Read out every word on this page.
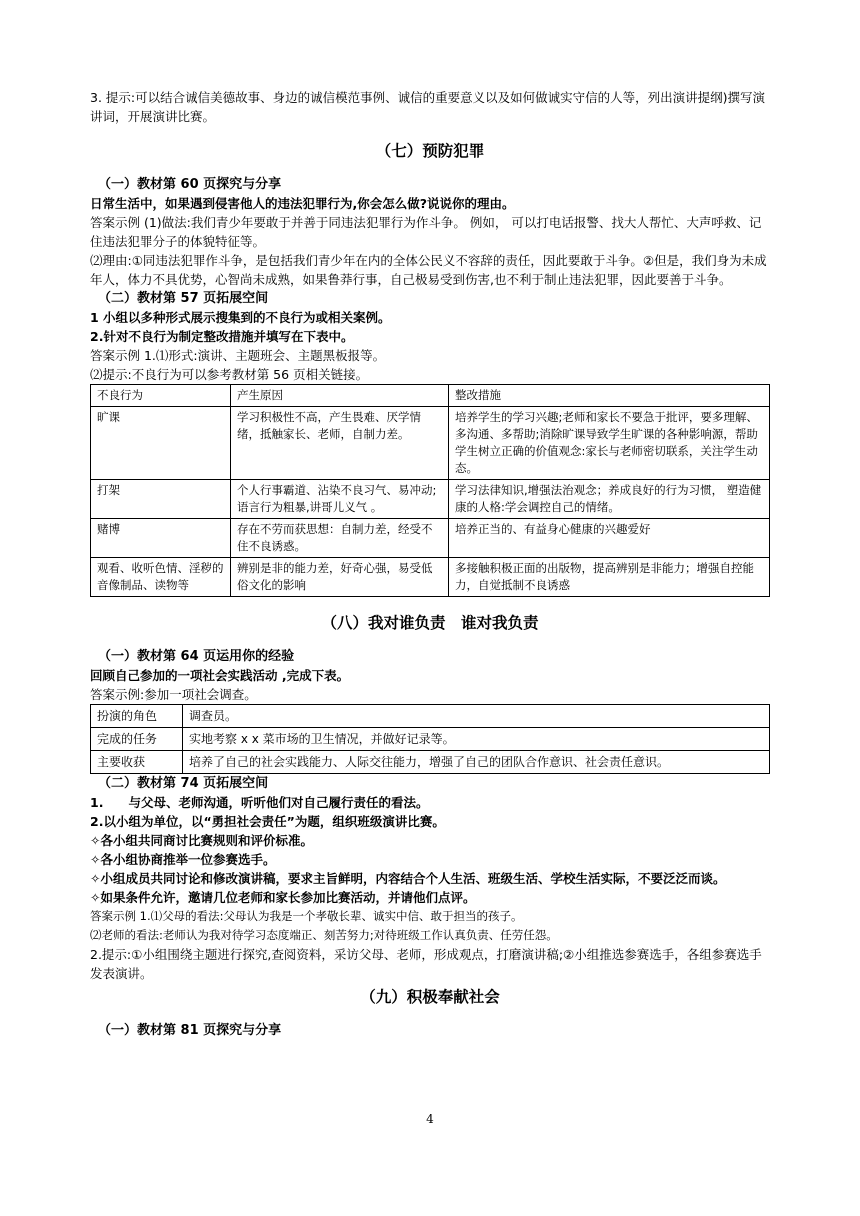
3. 提示:可以结合诚信美德故事、身边的诚信模范事例、诚信的重要意义以及如何做诚实守信的人等，列出演讲提纲)撰写演讲词，开展演讲比赛。

（七）预防犯罪

（一）教材第 60 页探究与分享

日常生活中，如果遇到侵害他人的违法犯罪行为,你会怎么做?说说你的理由。

答案示例 (1)做法:我们青少年要敢于并善于同违法犯罪行为作斗争。 例如， 可以打电话报警、找大人帮忙、大声呼救、记住违法犯罪分子的体貌特征等。

⑵理由:①同违法犯罪作斗争，是包括我们青少年在内的全体公民义不容辞的责任，因此要敢于斗争。②但是，我们身为未成年人，体力不具优势，心智尚未成熟，如果鲁莽行事，自己极易受到伤害,也不利于制止违法犯罪，因此要善于斗争。

（二）教材第 57 页拓展空间

1 小组以多种形式展示搜集到的不良行为或相关案例。

2.针对不良行为制定整改措施并填写在下表中。

答案示例 1.⑴形式:演讲、主题班会、主题黑板报等。

⑵提示:不良行为可以参考教材第 56 页相关链接。

不良行为	产生原因	整改措施
旷课	学习积极性不高，产生畏难、厌学情绪，抵触家长、老师，自制力差。	培养学生的学习兴趣;老师和家长不要急于批评，要多理解、多沟通、多帮助;消除旷课导致学生旷课的各种影响源，帮助学生树立正确的价值观念:家长与老师密切联系，关注学生动态。
打架	个人行事霸道、沾染不良习气、易冲动;语言行为粗暴,讲哥儿义气 。	学习法律知识,增强法治观念；养成良好的行为习惯， 塑造健康的人格:学会调控自己的情绪。
赌博	存在不劳而获思想：自制力差，经受不住不良诱惑。	培养正当的、有益身心健康的兴趣爱好
观看、收听色情、淫秽的音像制品、读物等	辨别是非的能力差，好奇心强，易受低俗文化的影响	多接触积极正面的出版物，提高辨别是非能力；增强自控能力，自觉抵制不良诱惑

（八）我对谁负责　谁对我负责

（一）教材第 64 页运用你的经验

回顾自己参加的一项社会实践活动 ,完成下表。

答案示例:参加一项社会调查。

扮演的角色	调查员。
完成的任务	实地考察 x x 菜市场的卫生情况，并做好记录等。
主要收获	培养了自己的社会实践能力、人际交往能力，增强了自己的团队合作意识、社会责任意识。

（二）教材第 74 页拓展空间

1.　　与父母、老师沟通，听听他们对自己履行责任的看法。

2.以小组为单位，以“勇担社会责任”为题，组织班级演讲比赛。

✧各小组共同商讨比赛规则和评价标准。

✧各小组协商推举一位参赛选手。

✧小组成员共同讨论和修改演讲稿，要求主旨鲜明，内容结合个人生活、班级生活、学校生活实际，不要泛泛而谈。

✧如果条件允许，邀请几位老师和家长参加比赛活动，并请他们点评。

答案示例 1.⑴父母的看法:父母认为我是一个孝敬长辈、诚实中信、敢于担当的孩子。

⑵老师的看法:老师认为我对待学习态度端正、刻苦努力;对待班级工作认真负责、任劳任怨。

2.提示:①小组围绕主题进行探究,查阅资料，采访父母、老师，形成观点，打磨演讲稿;②小组推选参赛选手，各组参赛选手发表演讲。

（九）积极奉献社会

（一）教材第 81 页探究与分享

4
